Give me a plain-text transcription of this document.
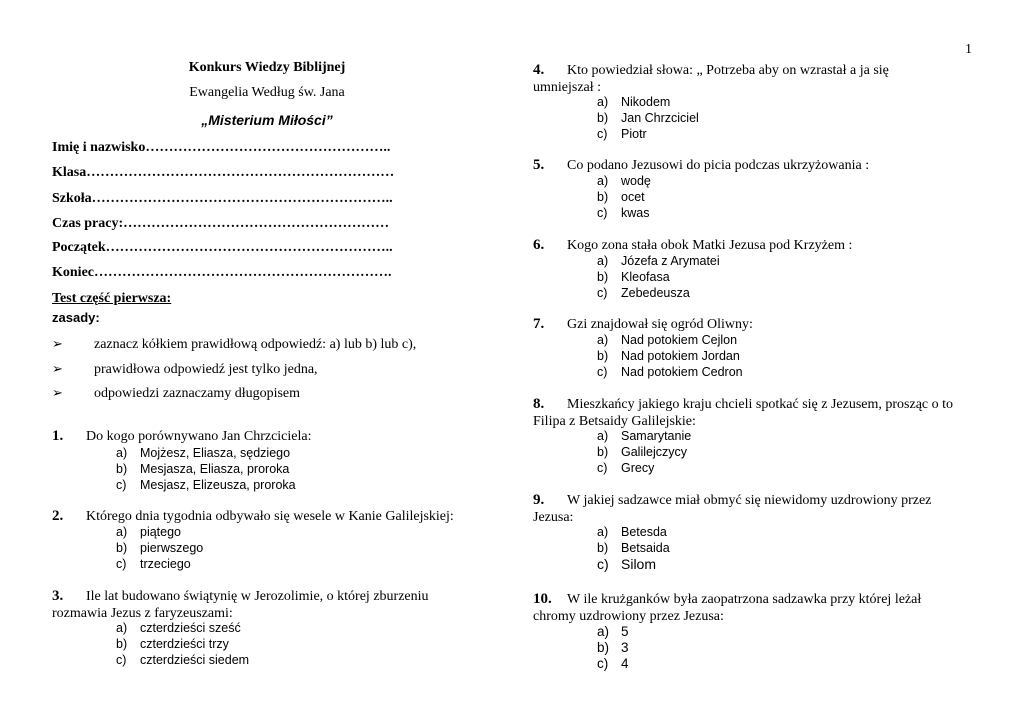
1
Konkurs Wiedzy Biblijnej
Ewangelia Według św. Jana
„Misterium Miłości”
Imię i nazwisko……………………………………………..
Klasa…………………………………………………………
Szkoła………………………………………………………..
Czas pracy:…………………………………………………
Początek……………………………………………………..
Koniec……………………………………………………….
Test część pierwsza:
zasady:
➢ zaznacz kółkiem prawidłową odpowiedź: a) lub b) lub c),
➢ prawidłowa odpowiedź jest tylko jedna,
➢ odpowiedzi zaznaczamy długopisem
1. Do kogo porównywano Jan Chrzciciela:
a) Mojżesz, Eliasza, sędziego
b) Mesjasza, Eliasza, proroka
c) Mesjasz, Elizeusza, proroka
2. Którego dnia tygodnia odbywało się wesele w Kanie Galilejskiej:
a) piątego
b) pierwszego
c) trzeciego
3. Ile lat budowano świątynię w Jerozolimie, o której zburzeniu
rozmawia Jezus z faryzeuszami:
a) czterdzieści sześć
b) czterdzieści trzy
c) czterdzieści siedem
4. Kto powiedział słowa: „ Potrzeba aby on wzrastał a ja się
umniejszał :
a) Nikodem
b) Jan Chrzciciel
c) Piotr
5. Co podano Jezusowi do picia podczas ukrzyżowania :
a) wodę
b) ocet
c) kwas
6. Kogo zona stała obok Matki Jezusa pod Krzyżem :
a) Józefa z Arymatei
b) Kleofasa
c) Zebedeusza
7. Gzi znajdował się ogród Oliwny:
a) Nad potokiem Cejlon
b) Nad potokiem Jordan
c) Nad potokiem Cedron
8. Mieszkańcy jakiego kraju chcieli spotkać się z Jezusem, prosząc o to
Filipa z Betsaidy Galilejskie:
a) Samarytanie
b) Galilejczycy
c) Grecy
9. W jakiej sadzawce miał obmyć się niewidomy uzdrowiony przez
Jezusa:
a) Betesda
b) Betsaida
c) Silom
10. W ile krużganków była zaopatrzona sadzawka przy której leżał
chromy uzdrowiony przez Jezusa:
a) 5
b) 3
c) 4
